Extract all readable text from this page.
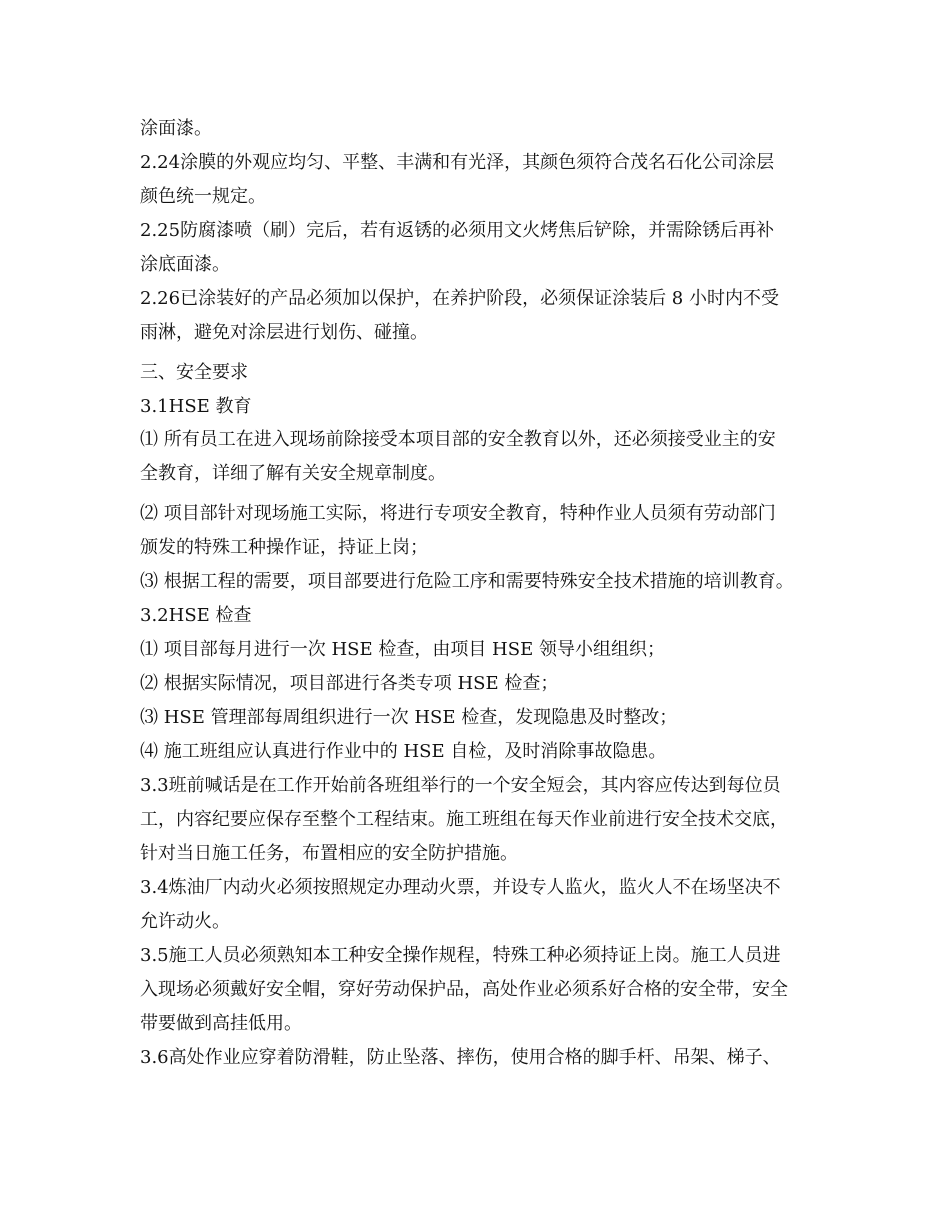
涂面漆。
2.24涂膜的外观应均匀、平整、丰满和有光泽，其颜色须符合茂名石化公司涂层
颜色统一规定。
2.25防腐漆喷（刷）完后，若有返锈的必须用文火烤焦后铲除，并需除锈后再补
涂底面漆。
2.26已涂装好的产品必须加以保护，在养护阶段，必须保证涂装后 8 小时内不受
雨淋，避免对涂层进行划伤、碰撞。
三、安全要求
3.1HSE 教育
⑴ 所有员工在进入现场前除接受本项目部的安全教育以外，还必须接受业主的安
全教育，详细了解有关安全规章制度。
⑵ 项目部针对现场施工实际，将进行专项安全教育，特种作业人员须有劳动部门
颁发的特殊工种操作证，持证上岗；
⑶ 根据工程的需要，项目部要进行危险工序和需要特殊安全技术措施的培训教育。
3.2HSE 检查
⑴ 项目部每月进行一次 HSE 检查，由项目 HSE 领导小组组织；
⑵ 根据实际情况，项目部进行各类专项 HSE 检查；
⑶ HSE 管理部每周组织进行一次 HSE 检查，发现隐患及时整改；
⑷ 施工班组应认真进行作业中的 HSE 自检，及时消除事故隐患。
3.3班前喊话是在工作开始前各班组举行的一个安全短会，其内容应传达到每位员
工，内容纪要应保存至整个工程结束。施工班组在每天作业前进行安全技术交底，
针对当日施工任务，布置相应的安全防护措施。
3.4炼油厂内动火必须按照规定办理动火票，并设专人监火，监火人不在场坚决不
允许动火。
3.5施工人员必须熟知本工种安全操作规程，特殊工种必须持证上岗。施工人员进
入现场必须戴好安全帽，穿好劳动保护品，高处作业必须系好合格的安全带，安全
带要做到高挂低用。
3.6高处作业应穿着防滑鞋，防止坠落、摔伤，使用合格的脚手杆、吊架、梯子、
